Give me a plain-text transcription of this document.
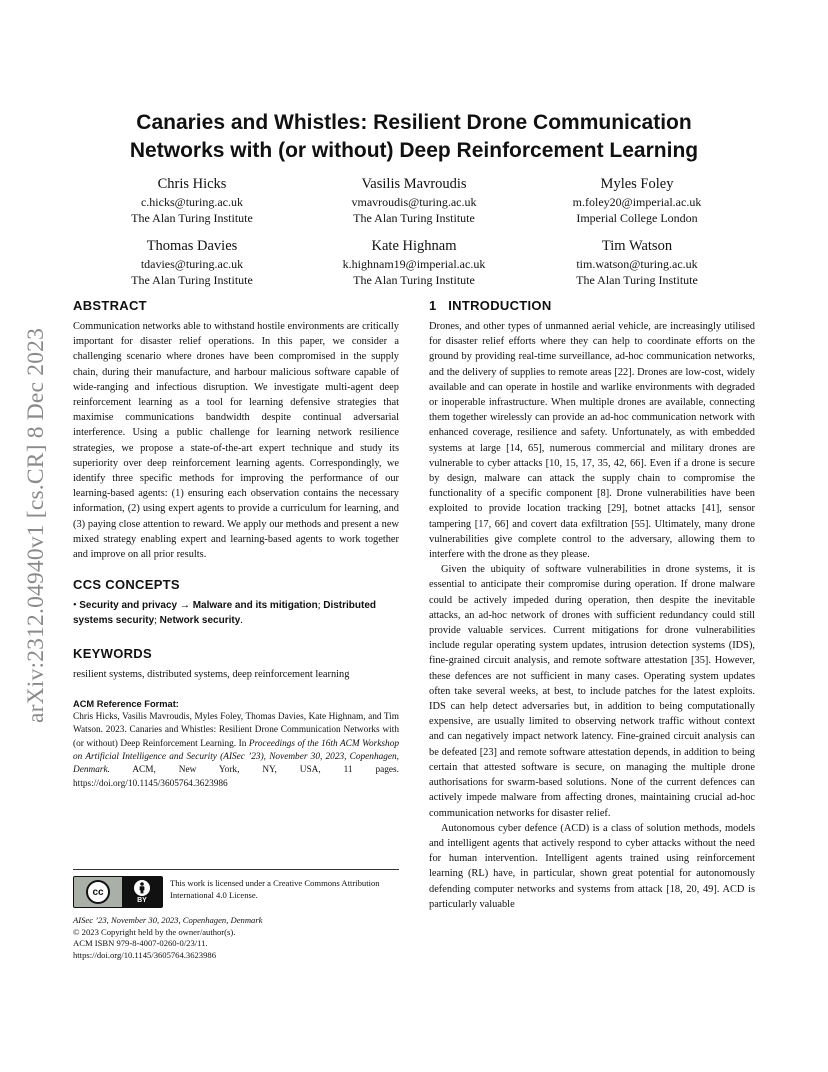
arXiv:2312.04940v1 [cs.CR] 8 Dec 2023
Canaries and Whistles: Resilient Drone Communication
Networks with (or without) Deep Reinforcement Learning
Chris Hicks
c.hicks@turing.ac.uk
The Alan Turing Institute
Vasilis Mavroudis
vmavroudis@turing.ac.uk
The Alan Turing Institute
Myles Foley
m.foley20@imperial.ac.uk
Imperial College London
Thomas Davies
tdavies@turing.ac.uk
The Alan Turing Institute
Kate Highnam
k.highnam19@imperial.ac.uk
The Alan Turing Institute
Tim Watson
tim.watson@turing.ac.uk
The Alan Turing Institute
ABSTRACT

Communication networks able to withstand hostile environments are critically important for disaster relief operations. In this paper, we consider a challenging scenario where drones have been compromised in the supply chain, during their manufacture, and harbour malicious software capable of wide-ranging and infectious disruption. We investigate multi-agent deep reinforcement learning as a tool for learning defensive strategies that maximise communications bandwidth despite continual adversarial interference. Using a public challenge for learning network resilience strategies, we propose a state-of-the-art expert technique and study its superiority over deep reinforcement learning agents. Correspondingly, we identify three specific methods for improving the performance of our learning-based agents: (1) ensuring each observation contains the necessary information, (2) using expert agents to provide a curriculum for learning, and (3) paying close attention to reward. We apply our methods and present a new mixed strategy enabling expert and learning-based agents to work together and improve on all prior results.

CCS CONCEPTS

• Security and privacy → Malware and its mitigation; Distributed systems security; Network security.

KEYWORDS

resilient systems, distributed systems, deep reinforcement learning

ACM Reference Format:

Chris Hicks, Vasilis Mavroudis, Myles Foley, Thomas Davies, Kate Highnam, and Tim Watson. 2023. Canaries and Whistles: Resilient Drone Communication Networks with (or without) Deep Reinforcement Learning. In Proceedings of the 16th ACM Workshop on Artificial Intelligence and Security (AISec ’23), November 30, 2023, Copenhagen, Denmark. ACM, New York, NY, USA, 11 pages. https://doi.org/10.1145/3605764.3623986

cc
BY
This work is licensed under a Creative Commons Attribution International 4.0 License.
AISec ’23, November 30, 2023, Copenhagen, Denmark
© 2023 Copyright held by the owner/author(s).
ACM ISBN 979-8-4007-0260-0/23/11.
https://doi.org/10.1145/3605764.3623986
1   INTRODUCTION

Drones, and other types of unmanned aerial vehicle, are increasingly utilised for disaster relief efforts where they can help to coordinate efforts on the ground by providing real-time surveillance, ad-hoc communication networks, and the delivery of supplies to remote areas [22]. Drones are low-cost, widely available and can operate in hostile and warlike environments with degraded or inoperable infrastructure. When multiple drones are available, connecting them together wirelessly can provide an ad-hoc communication network with enhanced coverage, resilience and safety. Unfortunately, as with embedded systems at large [14, 65], numerous commercial and military drones are vulnerable to cyber attacks [10, 15, 17, 35, 42, 66]. Even if a drone is secure by design, malware can attack the supply chain to compromise the functionality of a specific component [8]. Drone vulnerabilities have been exploited to provide location tracking [29], botnet attacks [41], sensor tampering [17, 66] and covert data exfiltration [55]. Ultimately, many drone vulnerabilities give complete control to the adversary, allowing them to interfere with the drone as they please.

Given the ubiquity of software vulnerabilities in drone systems, it is essential to anticipate their compromise during operation. If drone malware could be actively impeded during operation, then despite the inevitable attacks, an ad-hoc network of drones with sufficient redundancy could still provide valuable services. Current mitigations for drone vulnerabilities include regular operating system updates, intrusion detection systems (IDS), fine-grained circuit analysis, and remote software attestation [35]. However, these defences are not sufficient in many cases. Operating system updates often take several weeks, at best, to include patches for the latest exploits. IDS can help detect adversaries but, in addition to being computationally expensive, are usually limited to observing network traffic without context and can negatively impact network latency. Fine-grained circuit analysis can be defeated [23] and remote software attestation depends, in addition to being certain that attested software is secure, on managing the multiple drone authorisations for swarm-based solutions. None of the current defences can actively impede malware from affecting drones, maintaining crucial ad-hoc communication networks for disaster relief.

Autonomous cyber defence (ACD) is a class of solution methods, models and intelligent agents that actively respond to cyber attacks without the need for human intervention. Intelligent agents trained using reinforcement learning (RL) have, in particular, shown great potential for autonomously defending computer networks and systems from attack [18, 20, 49]. ACD is particularly valuable
